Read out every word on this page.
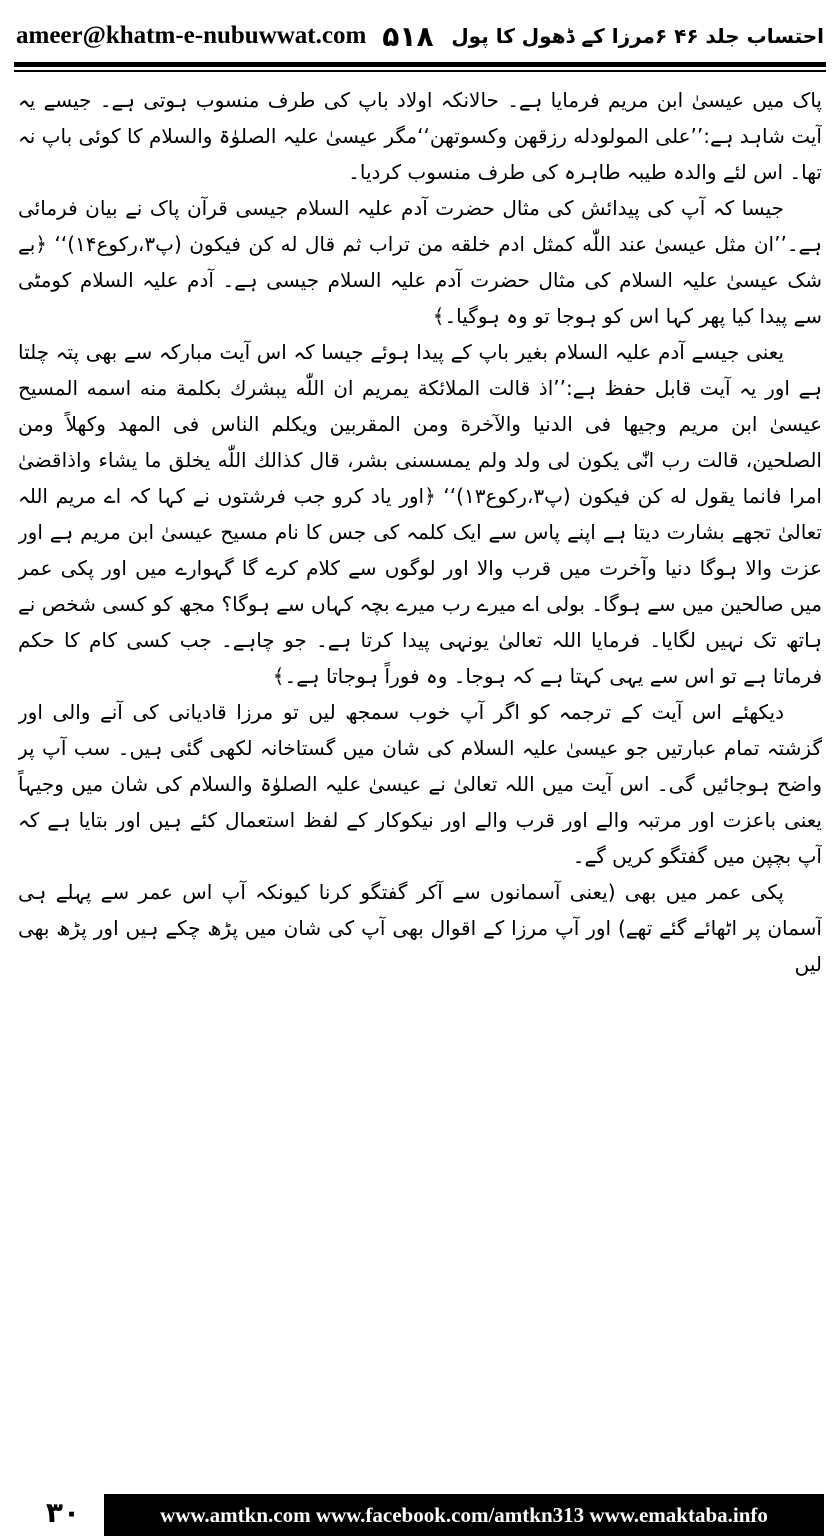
ameer@khatm-e-nubuwwat.com ۵۱۸ احتساب جلد ۴۶ ۶مرزا کے ڈھول کا پول

پاک میں عیسیٰ ابن مریم فرمایا ہے۔ حالانکہ اولاد باپ کی طرف منسوب ہوتی ہے۔ جیسے یہ آیت شاہد ہے:’’علی المولودله رزقهن وکسوتهن‘‘مگر عیسیٰ علیہ الصلوٰۃ والسلام کا کوئی باپ نہ تھا۔ اس لئے والدہ طیبہ طاہرہ کی طرف منسوب کردیا۔

جیسا کہ آپ کی پیدائش کی مثال حضرت آدم علیہ السلام جیسی قرآن پاک نے بیان فرمائی ہے۔’’ان مثل عیسیٰ عند اللّٰه کمثل ادم خلقه من تراب ثم قال له کن فیکون (پ۳،رکوع۱۴)‘‘ ﴿بے شک عیسیٰ علیہ السلام کی مثال حضرت آدم علیہ السلام جیسی ہے۔ آدم علیہ السلام کومٹی سے پیدا کیا پھر کہا اس کو ہوجا تو وہ ہوگیا۔﴾

یعنی جیسے آدم علیہ السلام بغیر باپ کے پیدا ہوئے جیسا کہ اس آیت مبارکہ سے بھی پتہ چلتا ہے اور یہ آیت قابل حفظ ہے:’’اذ قالت الملائکة یمریم ان اللّٰه یبشرك بکلمة منه اسمه المسیح عیسیٰ ابن مریم وجیها فی الدنیا والآخرة ومن المقربین ویکلم الناس فی المهد وکهلاً ومن الصلحین، قالت رب انّٰی یکون لی ولد ولم یمسسنی بشر، قال کذالك اللّٰه یخلق ما یشاء واذاقضیٰ امرا فانما یقول له کن فیکون (پ۳،رکوع۱۳)‘‘ ﴿اور یاد کرو جب فرشتوں نے کہا کہ اے مریم اللہ تعالیٰ تجھے بشارت دیتا ہے اپنے پاس سے ایک کلمہ کی جس کا نام مسیح عیسیٰ ابن مریم ہے اور عزت والا ہوگا دنیا وآخرت میں قرب والا اور لوگوں سے کلام کرے گا گہوارے میں اور پکی عمر میں صالحین میں سے ہوگا۔ بولی اے میرے رب میرے بچہ کہاں سے ہوگا؟ مجھ کو کسی شخص نے ہاتھ تک نہیں لگایا۔ فرمایا اللہ تعالیٰ یونہی پیدا کرتا ہے۔ جو چاہے۔ جب کسی کام کا حکم فرماتا ہے تو اس سے یہی کہتا ہے کہ ہوجا۔ وہ فوراً ہوجاتا ہے۔﴾

دیکھئے اس آیت کے ترجمہ کو اگر آپ خوب سمجھ لیں تو مرزا قادیانی کی آنے والی اور گزشتہ تمام عبارتیں جو عیسیٰ علیہ السلام کی شان میں گستاخانہ لکھی گئی ہیں۔ سب آپ پر واضح ہوجائیں گی۔ اس آیت میں اللہ تعالیٰ نے عیسیٰ علیہ الصلوٰۃ والسلام کی شان میں وجیہاً یعنی باعزت اور مرتبہ والے اور قرب والے اور نیکوکار کے لفظ استعمال کئے ہیں اور بتایا ہے کہ آپ بچپن میں گفتگو کریں گے۔

پکی عمر میں بھی (یعنی آسمانوں سے آکر گفتگو کرنا کیونکہ آپ اس عمر سے پہلے ہی آسمان پر اٹھائے گئے تھے) اور آپ مرزا کے اقوال بھی آپ کی شان میں پڑھ چکے ہیں اور پڑھ بھی لیں

۳۰	www.amtkn.com www.facebook.com/amtkn313 www.emaktaba.info
